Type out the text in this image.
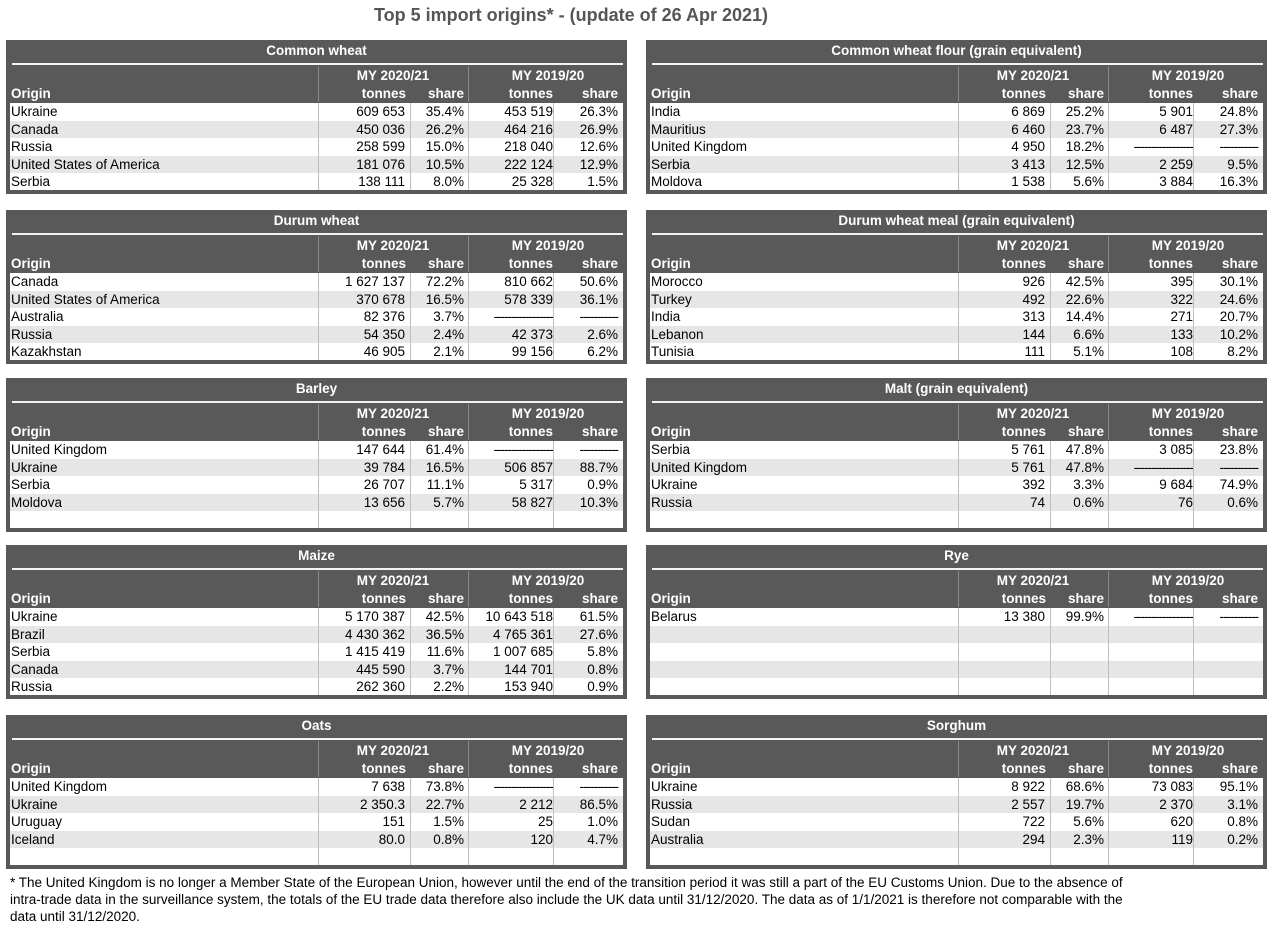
Top 5 import origins* - (update of 26 Apr 2021)
Common wheat
MY 2020/21	MY 2019/20
Origin	tonnes	share	tonnes	share
Ukraine	609 653 35.4%	453 519 26.3%
Canada	450 036 26.2%	464 216 26.9%
Russia	258 599 15.0%	218 040 12.6%
United States of America	181 076 10.5%	222 124 12.9%
Serbia	138 111 8.0%	25 328	1.5%
Common wheat flour (grain equivalent)
MY 2020/21	MY 2019/20
Origin	tonnes	share	tonnes	share
India	6 869 25.2%	5 901 24.8%
Mauritius	6 460 23.7%	6 487 27.3%
United Kingdom	4 950 18.2% ----------------- -----------
Serbia	3 413 12.5%	2 259	9.5%
Moldova	1 538 5.6%	3 884 16.3%
Durum wheat
MY 2020/21	MY 2019/20
Origin	tonnes	share	tonnes	share
Canada	1 627 137 72.2%	810 662 50.6%
United States of America	370 678 16.5%	578 339 36.1%
Australia	82 376 3.7% ----------------- -----------
Russia	54 350 2.4%	42 373	2.6%
Kazakhstan	46 905 2.1%	99 156	6.2%
Durum wheat meal (grain equivalent)
MY 2020/21	MY 2019/20
Origin	tonnes	share	tonnes	share
Morocco	926 42.5%	395 30.1%
Turkey	492 22.6%	322 24.6%
India	313 14.4%	271 20.7%
Lebanon	144 6.6%	133 10.2%
Tunisia	111 5.1%	108	8.2%
Barley
MY 2020/21	MY 2019/20
Origin	tonnes	share	tonnes	share
United Kingdom	147 644 61.4% ----------------- -----------
Ukraine	39 784 16.5%	506 857 88.7%
Serbia	26 707 11.1%	5 317	0.9%
Moldova	13 656 5.7%	58 827 10.3%
Malt (grain equivalent)
MY 2020/21	MY 2019/20
Origin	tonnes	share	tonnes	share
Serbia	5 761 47.8%	3 085 23.8%
United Kingdom	5 761 47.8% ----------------- -----------
Ukraine	392 3.3%	9 684 74.9%
Russia	74 0.6%	76	0.6%
Maize
MY 2020/21	MY 2019/20
Origin	tonnes	share	tonnes	share
Ukraine	5 170 387 42.5% 10 643 518 61.5%
Brazil	4 430 362 36.5% 4 765 361 27.6%
Serbia	1 415 419 11.6% 1 007 685	5.8%
Canada	445 590 3.7%	144 701	0.8%
Russia	262 360 2.2%	153 940	0.9%
Rye
MY 2020/21	MY 2019/20
Origin	tonnes	share	tonnes	share
Belarus	13 380 99.9% ----------------- -----------
Oats
MY 2020/21	MY 2019/20
Origin	tonnes	share	tonnes	share
United Kingdom	7 638 73.8% ----------------- -----------
Ukraine	2 350.3 22.7%	2 212 86.5%
Uruguay	151 1.5%	25	1.0%
Iceland	80.0 0.8%	120	4.7%
Sorghum
MY 2020/21	MY 2019/20
Origin	tonnes	share	tonnes	share
Ukraine	8 922 68.6%	73 083 95.1%
Russia	2 557 19.7%	2 370	3.1%
Sudan	722 5.6%	620	0.8%
Australia	294 2.3%	119	0.2%
* The United Kingdom is no longer a Member State of the European Union, however until the end of the transition period it was still a part of the EU Customs Union. Due to the absence of intra-trade data in the surveillance system, the totals of the EU trade data therefore also include the UK data until 31/12/2020. The data as of 1/1/2021 is therefore not comparable with the data until 31/12/2020.
